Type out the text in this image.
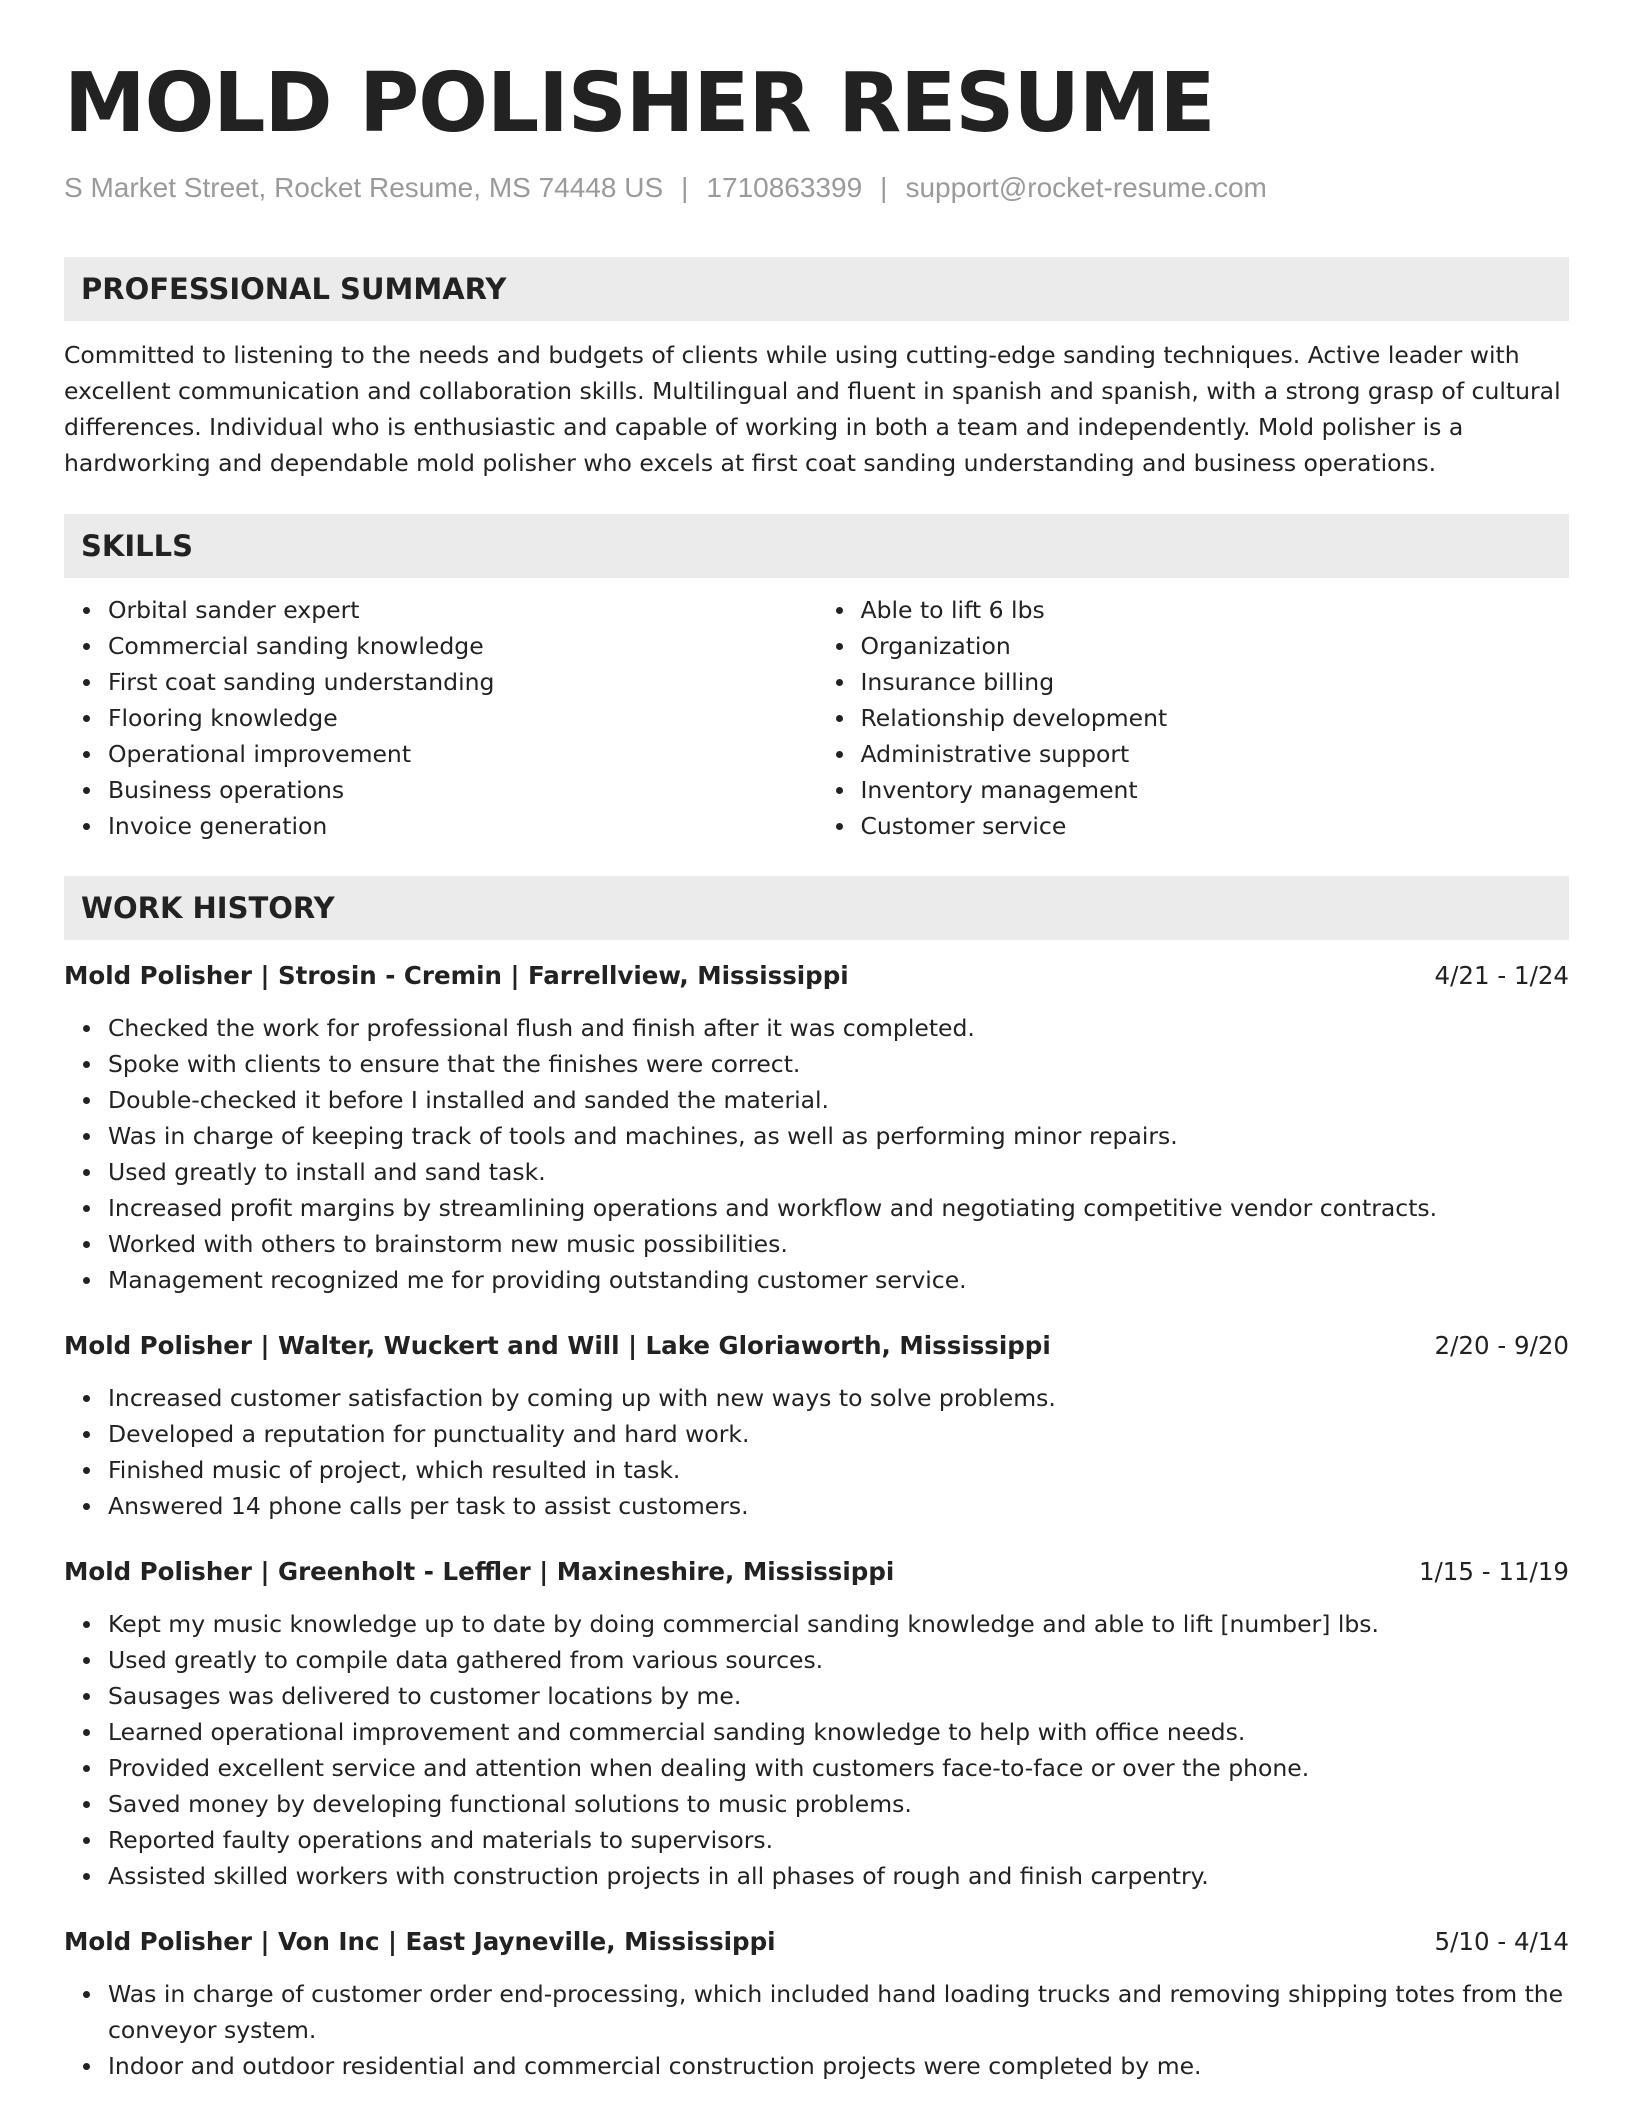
MOLD POLISHER RESUME
S Market Street, Rocket Resume, MS 74448 US | 1710863399 | support@rocket-resume.com
PROFESSIONAL SUMMARY
Committed to listening to the needs and budgets of clients while using cutting-edge sanding techniques. Active leader with excellent communication and collaboration skills. Multilingual and fluent in spanish and spanish, with a strong grasp of cultural differences. Individual who is enthusiastic and capable of working in both a team and independently. Mold polisher is a hardworking and dependable mold polisher who excels at first coat sanding understanding and business operations.
SKILLS
Orbital sander expert
Commercial sanding knowledge
First coat sanding understanding
Flooring knowledge
Operational improvement
Business operations
Invoice generation
Able to lift 6 lbs
Organization
Insurance billing
Relationship development
Administrative support
Inventory management
Customer service
WORK HISTORY
Mold Polisher | Strosin - Cremin | Farrellview, Mississippi	4/21 - 1/24
Checked the work for professional flush and finish after it was completed.
Spoke with clients to ensure that the finishes were correct.
Double-checked it before I installed and sanded the material.
Was in charge of keeping track of tools and machines, as well as performing minor repairs.
Used greatly to install and sand task.
Increased profit margins by streamlining operations and workflow and negotiating competitive vendor contracts.
Worked with others to brainstorm new music possibilities.
Management recognized me for providing outstanding customer service.
Mold Polisher | Walter, Wuckert and Will | Lake Gloriaworth, Mississippi	2/20 - 9/20
Increased customer satisfaction by coming up with new ways to solve problems.
Developed a reputation for punctuality and hard work.
Finished music of project, which resulted in task.
Answered 14 phone calls per task to assist customers.
Mold Polisher | Greenholt - Leffler | Maxineshire, Mississippi	1/15 - 11/19
Kept my music knowledge up to date by doing commercial sanding knowledge and able to lift [number] lbs.
Used greatly to compile data gathered from various sources.
Sausages was delivered to customer locations by me.
Learned operational improvement and commercial sanding knowledge to help with office needs.
Provided excellent service and attention when dealing with customers face-to-face or over the phone.
Saved money by developing functional solutions to music problems.
Reported faulty operations and materials to supervisors.
Assisted skilled workers with construction projects in all phases of rough and finish carpentry.
Mold Polisher | Von Inc | East Jayneville, Mississippi	5/10 - 4/14
Was in charge of customer order end-processing, which included hand loading trucks and removing shipping totes from the conveyor system.
Indoor and outdoor residential and commercial construction projects were completed by me.
